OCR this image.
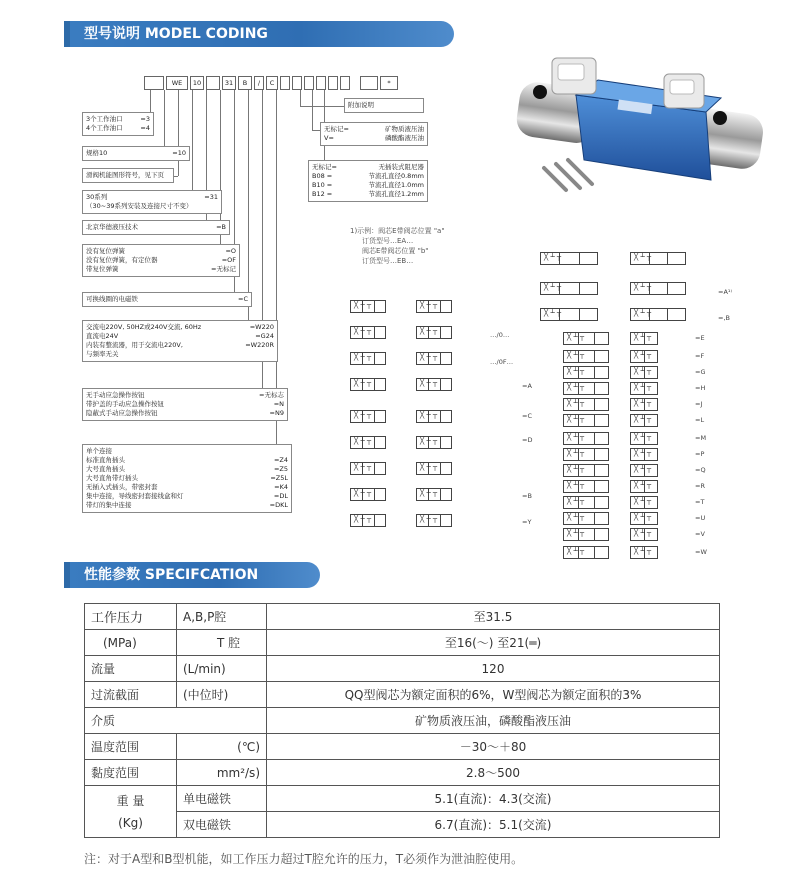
型号说明 MODEL CODING
WE	10	31	B	/	C	*
3个工作油口	=3
4个工作油口	=4
规格10	=10
滑阀机能图形符号，见下页
30系列	=31
（30~39系列安装及连接尺寸不变）
北京华德液压技术	=B
没有复位弹簧	=O
没有复位弹簧，有定位器	=OF
带复位弹簧	=无标记
可换线圈的电磁铁	=C
交流电220V, 50HZ或240V交流, 60Hz	=W220
直流电24V	=G24
内装有整流器，用于交流电220V,	=W220R
与频率无关
无手动应急操作按钮	=无标志
带护盖的手动应急操作按钮	=N
隐蔽式手动应急操作按钮	=N9
单个连接
标准直角插头	=Z4
大号直角插头	=Z5
大号直角带灯插头	=Z5L
无插入式插头，带密封套	=K4
集中连接，导线密封套接线盒和灯	=DL
带灯的集中连接	=DKL
附加说明
无标记=	矿物质液压油
V=	磷酸酯液压油
无标记=	无插装式阻尼器
B08 =	节流孔直径0.8mm
B10 =	节流孔直径1.0mm
B12 =	节流孔直径1.2mm
1)示例：阀芯E带阀芯位置 "a"
订货型号…EA…
阀芯E带阀芯位置 "b"
订货型号…EB…
…/0…
…/0F…
╳ ┴ ┬	╳ ┴ ┬
╳ ┴ ┬	╳ ┴ ┬
╳ ┴ ┬	╳ ┴ ┬
╳ ┴ ┬	╳ ┴ ┬
╳ ┴ ┬	╳ ┴ ┬
╳ ┴ ┬	╳ ┴ ┬
╳ ┴ ┬	╳ ┴ ┬
╳ ┴ ┬	╳ ┴ ┬
╳ ┴ ┬	╳ ┴ ┬
╳ ┴ ┬	╳ ┴ ┬
╳ ┴ ┬	╳ ┴ ┬
╳ ┴ ┬	╳ ┴ ┬
╳ ┴ ┬	╳ ┴ ┬
╳ ┴ ┬	╳ ┴ ┬
╳ ┴ ┬	╳ ┴ ┬
╳ ┴ ┬	╳ ┴ ┬
╳ ┴ ┬	╳ ┴ ┬
╳ ┴ ┬	╳ ┴ ┬
╳ ┴ ┬	╳ ┴ ┬
╳ ┴ ┬	╳ ┴ ┬
╳ ┴ ┬	╳ ┴ ┬
╳ ┴ ┬	╳ ┴ ┬
╳ ┴ ┬	╳ ┴ ┬
╳ ┴ ┬	╳ ┴ ┬
╳ ┴ ┬	╳ ┴ ┬
╳ ┴ ┬	╳ ┴ ┬
=A
=C
=D
=B
=Y
=A¹⁾
=,B
=E
=F
=G
=H
=J
=L
=M
=P
=Q
=R
=T
=U
=V
=W
性能参数 SPECIFCATION
工作压力	A,B,P腔	至31.5
(MPa)	T 腔	至16(～) 至21(═)
流量	(L/min)	120
过流截面	(中位时)	QQ型阀芯为额定面积的6%，W型阀芯为额定面积的3%
介质		矿物质液压油，磷酸酯液压油
温度范围	(℃)	－30～＋80
黏度范围	mm²/s)	2.8～500

重 量
(Kg)	单电磁铁	5.1(直流)：4.3(交流)
	双电磁铁	6.7(直流)：5.1(交流)
注：对于A型和B型机能，如工作压力超过T腔允许的压力，T必须作为泄油腔使用。
